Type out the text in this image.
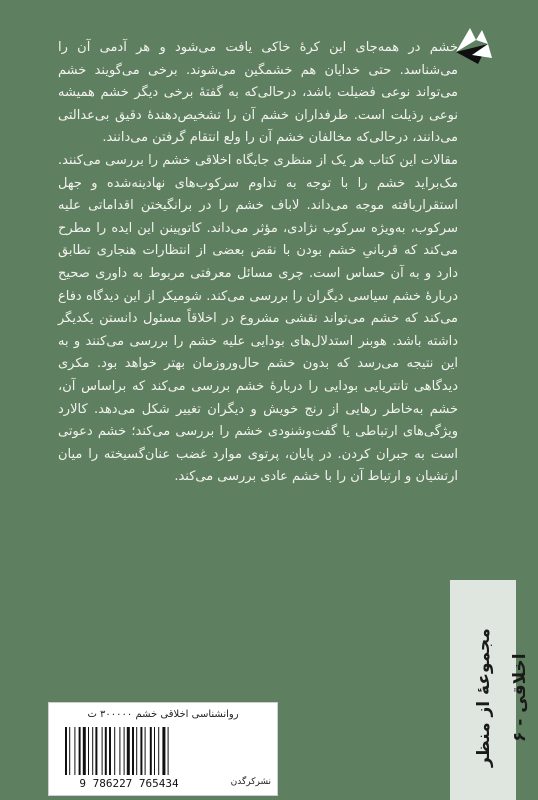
خشم در همه‌جای این کرهٔ خاکی یافت می‌شود و هر آدمی آن را می‌شناسد. حتی خدایان هم خشمگین می‌شوند. برخی می‌گویند خشم می‌تواند نوعی فضیلت باشد، درحالی‌که به گفتهٔ برخی دیگر خشم همیشه نوعی رذیلت است. طرفداران خشم آن را تشخیص‌دهندهٔ دقیق بی‌عدالتی می‌دانند، درحالی‌که مخالفان خشم آن را ولع انتقام گرفتن می‌دانند.

مقالات این کتاب هر یک از منظری جایگاه اخلاقی خشم را بررسی می‌کنند. مک‌براید خشم را با توجه به تداوم سرکوب‌های نهادینه‌شده و جهل استقراریافته موجه می‌داند. لاباف خشم را در برانگیختن اقداماتی علیه سرکوب، به‌ویژه سرکوب نژادی، مؤثر می‌داند. کاتوپینن این ایده را مطرح می‌کند که قربانیِ خشم بودن با نقض بعضی از انتظارات هنجاری تطابق دارد و به آن حساس است. چری مسائل معرفتی مربوط به داوری صحیح دربارهٔ خشم سیاسی دیگران را بررسی می‌کند. شومیکر از این دیدگاه دفاع می‌کند که خشم می‌تواند نقشی مشروع در اخلاقاً مسئول دانستن یکدیگر داشته باشد. هوبنر استدلال‌های بودایی علیه خشم را بررسی می‌کنند و به این نتیجه می‌رسد که بدون خشم حال‌وروزمان بهتر خواهد بود. مکری دیدگاهی تانتریایی بودایی را دربارهٔ خشم بررسی می‌کند که براساس آن، خشم به‌خاطر رهایی از رنج خویش و دیگران تغییر شکل می‌دهد. کالارد ویژگی‌های ارتباطی یا گفت‌وشنودی خشم را بررسی می‌کند؛ خشم دعوتی است به جبران کردن. در پایان، پرتوی موارد غضب عنان‌گسیخته را میان ارتشیان و ارتباط آن را با خشم عادی بررسی می‌کند.

مجموعهٔ از منظر اخلاقی - ۶
روانشناسی اخلاقی خشم ۳۰۰۰۰۰ ت
9 786227 765434	نشرکرگدن
